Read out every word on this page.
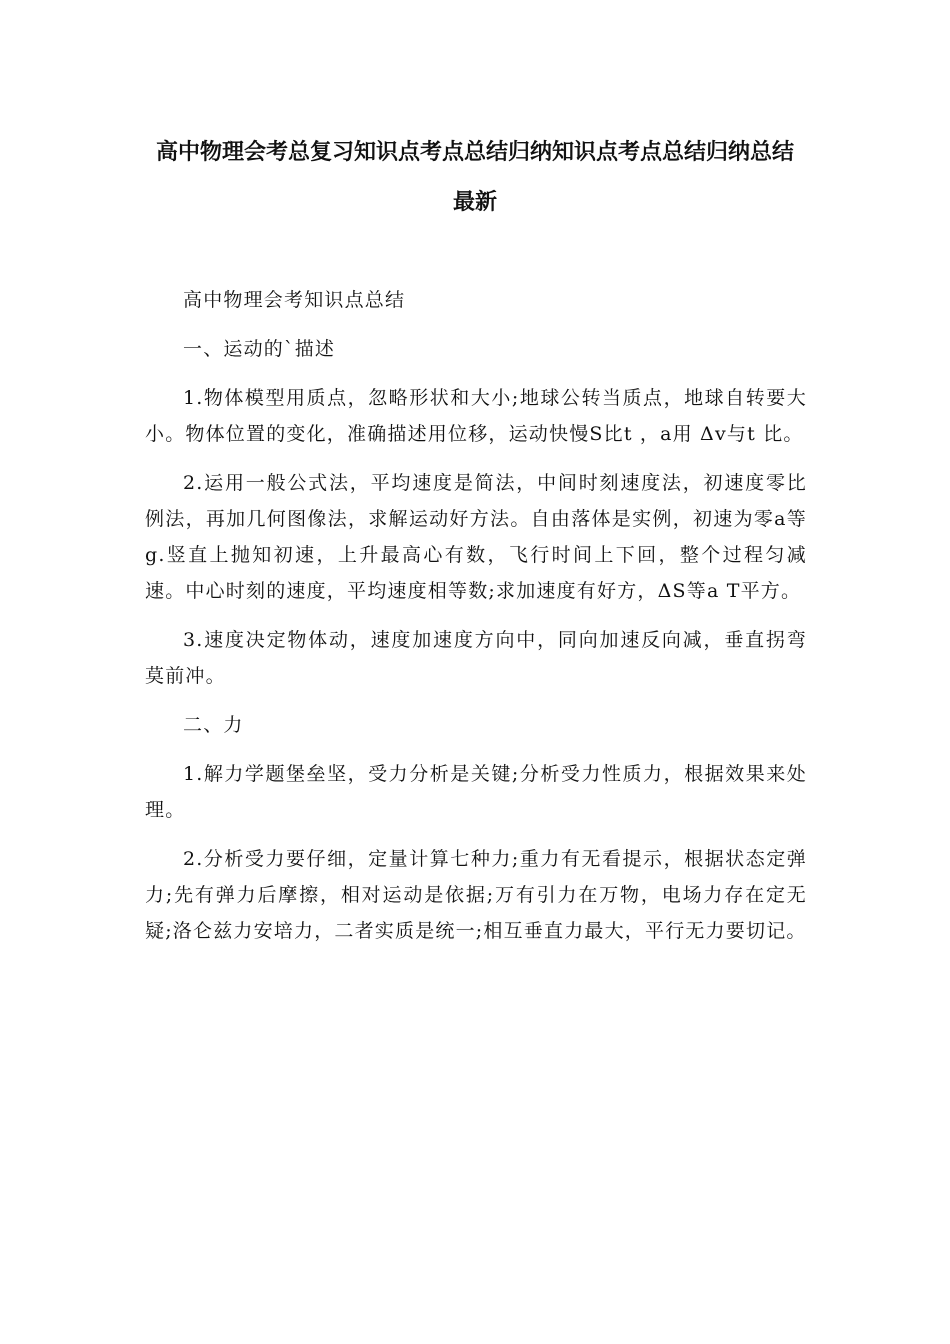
高中物理会考总复习知识点考点总结归纳知识点考点总结归纳总结
最新

高中物理会考知识点总结

一、运动的`描述

1.物体模型用质点，忽略形状和大小;地球公转当质点，地球自转要大小。物体位置的变化，准确描述用位移，运动快慢S比t ，a用 Δv与t 比。

2.运用一般公式法，平均速度是简法，中间时刻速度法，初速度零比例法，再加几何图像法，求解运动好方法。自由落体是实例，初速为零a等g.竖直上抛知初速，上升最高心有数，飞行时间上下回，整个过程匀减速。中心时刻的速度，平均速度相等数;求加速度有好方，ΔS等a T平方。

3.速度决定物体动，速度加速度方向中，同向加速反向减，垂直拐弯莫前冲。

二、力

1.解力学题堡垒坚，受力分析是关键;分析受力性质力，根据效果来处理。

2.分析受力要仔细，定量计算七种力;重力有无看提示，根据状态定弹力;先有弹力后摩擦，相对运动是依据;万有引力在万物，电场力存在定无疑;洛仑兹力安培力，二者实质是统一;相互垂直力最大，平行无力要切记。
